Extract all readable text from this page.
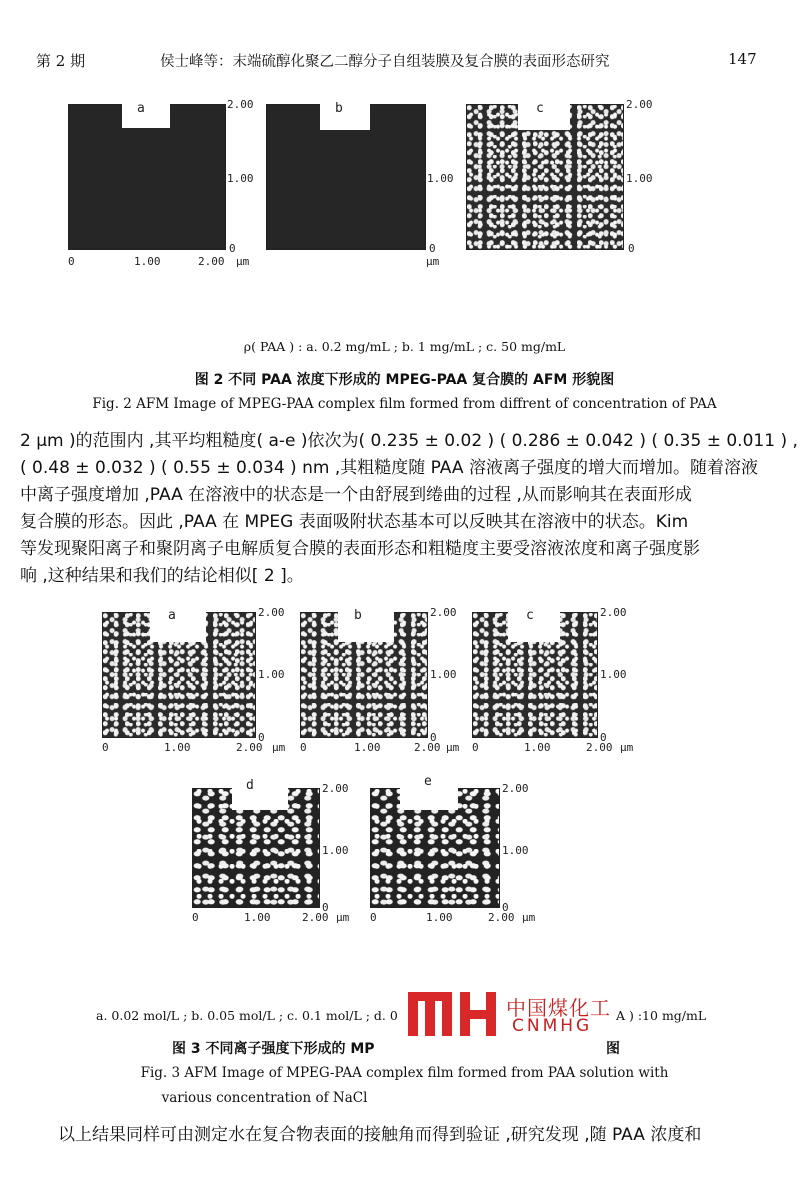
第 2 期	侯士峰等：末端硫醇化聚乙二醇分子自组装膜及复合膜的表面形态研究	147
a	2.00
1.00
0
0	1.00	2.00 μm
b
1.00
0
μm
c	2.00
1.00
0
ρ( PAA ) : a. 0.2 mg/mL ; b. 1 mg/mL ; c. 50 mg/mL
图 2 不同 PAA 浓度下形成的 MPEG-PAA 复合膜的 AFM 形貌图
Fig. 2 AFM Image of MPEG-PAA complex film formed from diffrent of concentration of PAA
2 μm )的范围内 ,其平均粗糙度( a-e )依次为( 0.235 ± 0.02 ) ( 0.286 ± 0.042 ) ( 0.35 ± 0.011 ) ,
( 0.48 ± 0.032 ) ( 0.55 ± 0.034 ) nm ,其粗糙度随 PAA 溶液离子强度的增大而增加。随着溶液
中离子强度增加 ,PAA 在溶液中的状态是一个由舒展到绻曲的过程 ,从而影响其在表面形成
复合膜的形态。因此 ,PAA 在 MPEG 表面吸附状态基本可以反映其在溶液中的状态。Kim
等发现聚阳离子和聚阴离子电解质复合膜的表面形态和粗糙度主要受溶液浓度和离子强度影
响 ,这种结果和我们的结论相似[ 2 ]。
a	2.00
1.00
0
0	1.00	2.00 μm
b	2.00
1.00
0
0	1.00	2.00 μm
c	2.00
1.00
0
0	1.00	2.00 μm
d	2.00
1.00
0
0	1.00	2.00 μm
e	2.00
1.00
0
0	1.00	2.00 μm
a. 0.02 mol/L ; b. 0.05 mol/L ; c. 0.1 mol/L ; d. 0	A ) :10 mg/mL
图 3 不同离子强度下形成的 MP	图
Fig. 3 AFM Image of MPEG-PAA complex film formed from PAA solution with
various concentration of NaCl
中国煤化工
CNMHG
以上结果同样可由测定水在复合物表面的接触角而得到验证 ,研究发现 ,随 PAA 浓度和
